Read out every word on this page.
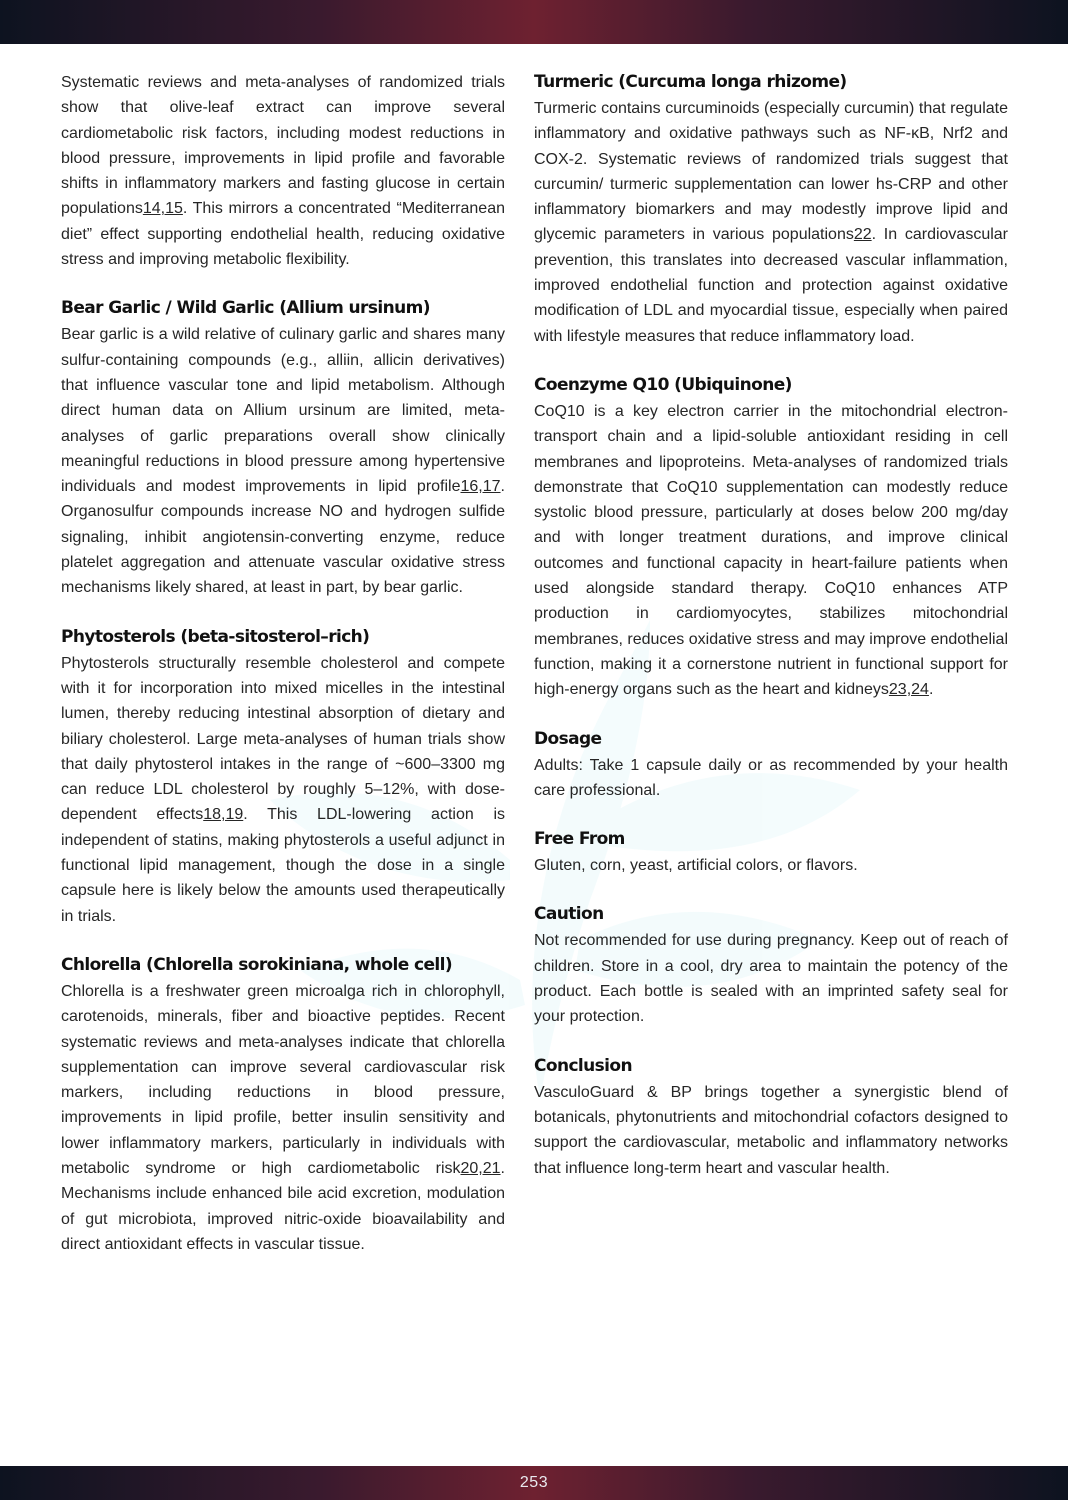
Systematic reviews and meta-analyses of randomized trials show that olive-leaf extract can improve several cardiometabolic risk factors, including modest reductions in blood pressure, improvements in lipid profile and favorable shifts in inflammatory markers and fasting glucose in certain populations14,15. This mirrors a concentrated “Mediterranean diet” effect supporting endothelial health, reducing oxidative stress and improving metabolic flexibility.

Bear Garlic / Wild Garlic (Allium ursinum)

Bear garlic is a wild relative of culinary garlic and shares many sulfur-containing compounds (e.g., alliin, allicin derivatives) that influence vascular tone and lipid metabolism. Although direct human data on Allium ursinum are limited, meta-analyses of garlic preparations overall show clinically meaningful reductions in blood pressure among hypertensive individuals and modest improvements in lipid profile16,17. Organosulfur compounds increase NO and hydrogen sulfide signaling, inhibit angiotensin-converting enzyme, reduce platelet aggregation and attenuate vascular oxidative stress mechanisms likely shared, at least in part, by bear garlic.

Phytosterols (beta-sitosterol–rich)

Phytosterols structurally resemble cholesterol and compete with it for incorporation into mixed micelles in the intestinal lumen, thereby reducing intestinal absorption of dietary and biliary cholesterol. Large meta-analyses of human trials show that daily phytosterol intakes in the range of ~600–3300 mg can reduce LDL cholesterol by roughly 5–12%, with dose-dependent effects18,19. This LDL-lowering action is independent of statins, making phytosterols a useful adjunct in functional lipid management, though the dose in a single capsule here is likely below the amounts used therapeutically in trials.

Chlorella (Chlorella sorokiniana, whole cell)

Chlorella is a freshwater green microalga rich in chlorophyll, carotenoids, minerals, fiber and bioactive peptides. Recent systematic reviews and meta-analyses indicate that chlorella supplementation can improve several cardiovascular risk markers, including reductions in blood pressure, improvements in lipid profile, better insulin sensitivity and lower inflammatory markers, particularly in individuals with metabolic syndrome or high cardiometabolic risk20,21. Mechanisms include enhanced bile acid excretion, modulation of gut microbiota, improved nitric-oxide bioavailability and direct antioxidant effects in vascular tissue.

Turmeric (Curcuma longa rhizome)

Turmeric contains curcuminoids (especially curcumin) that regulate inflammatory and oxidative pathways such as NF-κB, Nrf2 and COX-2. Systematic reviews of randomized trials suggest that curcumin/ turmeric supplementation can lower hs-CRP and other inflammatory biomarkers and may modestly improve lipid and glycemic parameters in various populations22. In cardiovascular prevention, this translates into decreased vascular inflammation, improved endothelial function and protection against oxidative modification of LDL and myocardial tissue, especially when paired with lifestyle measures that reduce inflammatory load.

Coenzyme Q10 (Ubiquinone)

CoQ10 is a key electron carrier in the mitochondrial electron-transport chain and a lipid-soluble antioxidant residing in cell membranes and lipoproteins. Meta-analyses of randomized trials demonstrate that CoQ10 supplementation can modestly reduce systolic blood pressure, particularly at doses below 200 mg/day and with longer treatment durations, and improve clinical outcomes and functional capacity in heart-failure patients when used alongside standard therapy. CoQ10 enhances ATP production in cardiomyocytes, stabilizes mitochondrial membranes, reduces oxidative stress and may improve endothelial function, making it a cornerstone nutrient in functional support for high-energy organs such as the heart and kidneys23,24.

Dosage

Adults: Take 1 capsule daily or as recommended by your health care professional.

Free From

Gluten, corn, yeast, artificial colors, or flavors.

Caution

Not recommended for use during pregnancy. Keep out of reach of children. Store in a cool, dry area to maintain the potency of the product. Each bottle is sealed with an imprinted safety seal for your protection.

Conclusion

VasculoGuard & BP brings together a synergistic blend of botanicals, phytonutrients and mitochondrial cofactors designed to support the cardiovascular, metabolic and inflammatory networks that influence long-term heart and vascular health.

253
